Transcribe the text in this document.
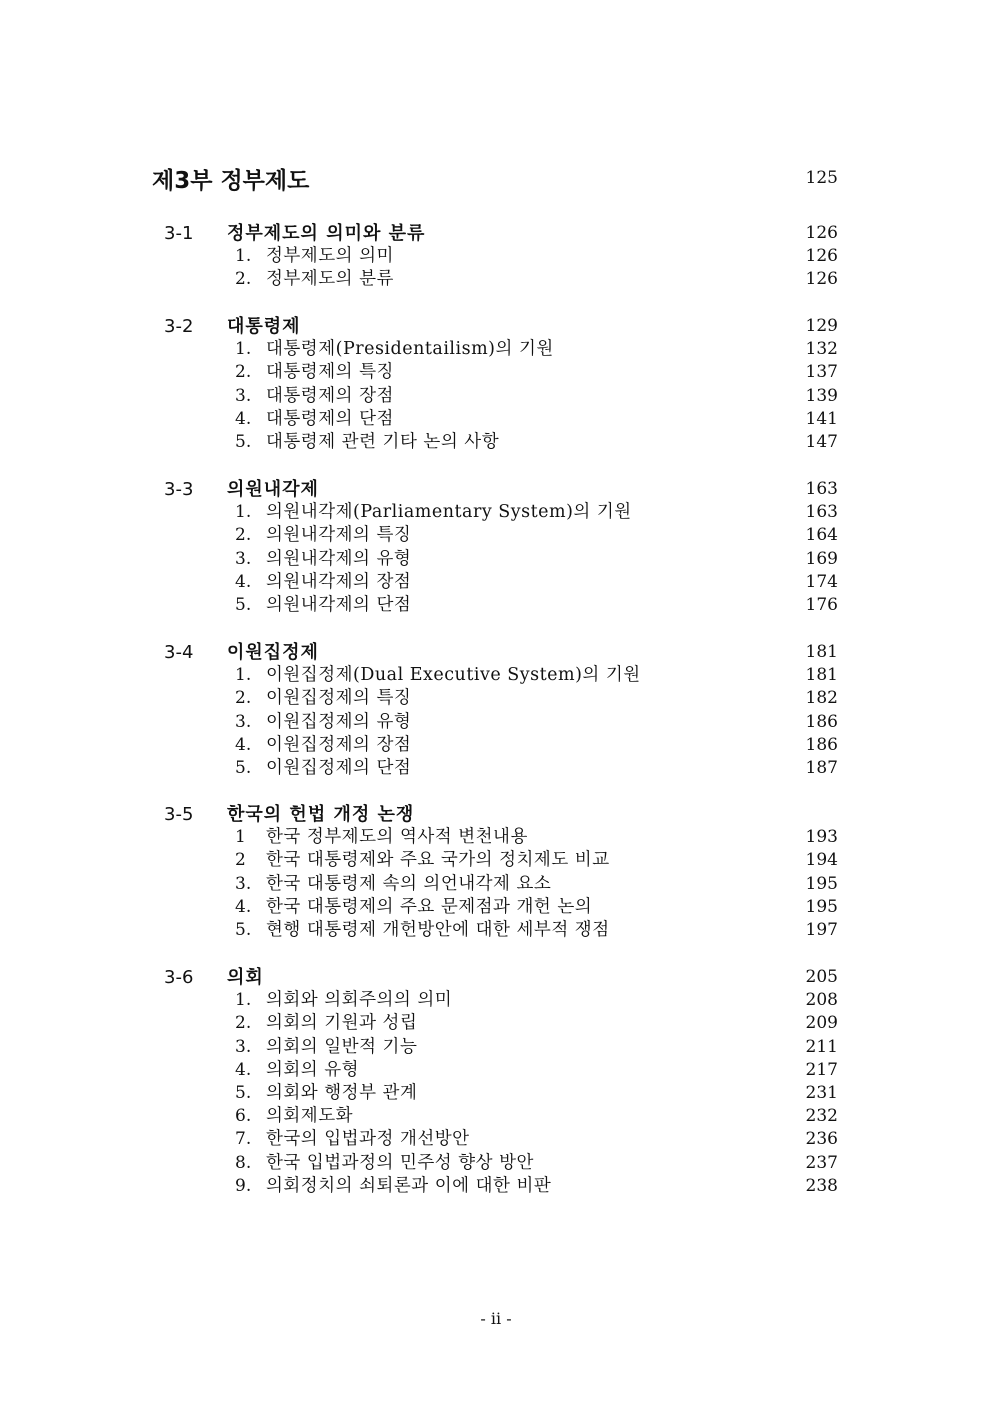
제3부 정부제도	125
3-1 정부제도의 의미와 분류	126
1. 정부제도의 의미	126
2. 정부제도의 분류	126
3-2 대통령제	129
1. 대통령제(Presidentailism)의 기원	132
2. 대통령제의 특징	137
3. 대통령제의 장점	139
4. 대통령제의 단점	141
5. 대통령제 관련 기타 논의 사항	147
3-3 의원내각제	163
1. 의원내각제(Parliamentary System)의 기원	163
2. 의원내각제의 특징	164
3. 의원내각제의 유형	169
4. 의원내각제의 장점	174
5. 의원내각제의 단점	176
3-4 이원집정제	181
1. 이원집정제(Dual Executive System)의 기원	181
2. 이원집정제의 특징	182
3. 이원집정제의 유형	186
4. 이원집정제의 장점	186
5. 이원집정제의 단점	187
3-5 한국의 헌법 개정 논쟁
1 한국 정부제도의 역사적 변천내용	193
2 한국 대통령제와 주요 국가의 정치제도 비교	194
3. 한국 대통령제 속의 의언내각제 요소	195
4. 한국 대통령제의 주요 문제점과 개헌 논의	195
5. 현행 대통령제 개헌방안에 대한 세부적 쟁점	197
3-6 의회	205
1. 의회와 의회주의의 의미	208
2. 의회의 기원과 성립	209
3. 의회의 일반적 기능	211
4. 의회의 유형	217
5. 의회와 행정부 관계	231
6. 의회제도화	232
7. 한국의 입법과정 개선방안	236
8. 한국 입법과정의 민주성 향상 방안	237
9. 의회정치의 쇠퇴론과 이에 대한 비판	238
- ii -
